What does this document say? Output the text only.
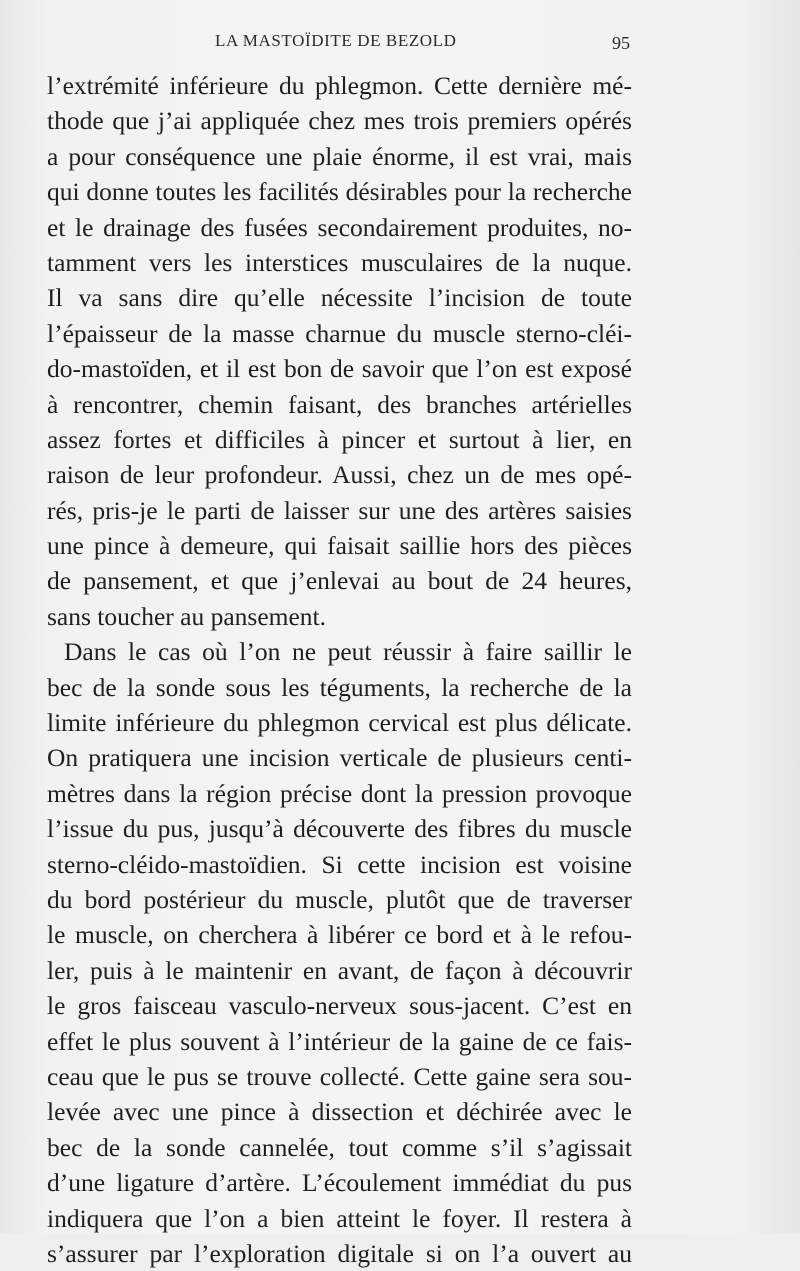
LA MASTOÏDITE DE BEZOLD	95
l’extrémité inférieure du phlegmon. Cette dernière mé-
thode que j’ai appliquée chez mes trois premiers opérés
a pour conséquence une plaie énorme, il est vrai, mais
qui donne toutes les facilités désirables pour la recherche
et le drainage des fusées secondairement produites, no-
tamment vers les interstices musculaires de la nuque.
Il va sans dire qu’elle nécessite l’incision de toute
l’épaisseur de la masse charnue du muscle sterno-cléi-
do-mastoïden, et il est bon de savoir que l’on est exposé
à rencontrer, chemin faisant, des branches artérielles
assez fortes et difficiles à pincer et surtout à lier, en
raison de leur profondeur. Aussi, chez un de mes opé-
rés, pris-je le parti de laisser sur une des artères saisies
une pince à demeure, qui faisait saillie hors des pièces
de pansement, et que j’enlevai au bout de 24 heures,
sans toucher au pansement.
Dans le cas où l’on ne peut réussir à faire saillir le
bec de la sonde sous les téguments, la recherche de la
limite inférieure du phlegmon cervical est plus délicate.
On pratiquera une incision verticale de plusieurs centi-
mètres dans la région précise dont la pression provoque
l’issue du pus, jusqu’à découverte des fibres du muscle
sterno-cléido-mastoïdien. Si cette incision est voisine
du bord postérieur du muscle, plutôt que de traverser
le muscle, on cherchera à libérer ce bord et à le refou-
ler, puis à le maintenir en avant, de façon à découvrir
le gros faisceau vasculo-nerveux sous-jacent. C’est en
effet le plus souvent à l’intérieur de la gaine de ce fais-
ceau que le pus se trouve collecté. Cette gaine sera sou-
levée avec une pince à dissection et déchirée avec le
bec de la sonde cannelée, tout comme s’il s’agissait
d’une ligature d’artère. L’écoulement immédiat du pus
indiquera que l’on a bien atteint le foyer. Il restera à
s’assurer par l’exploration digitale si on l’a ouvert au
